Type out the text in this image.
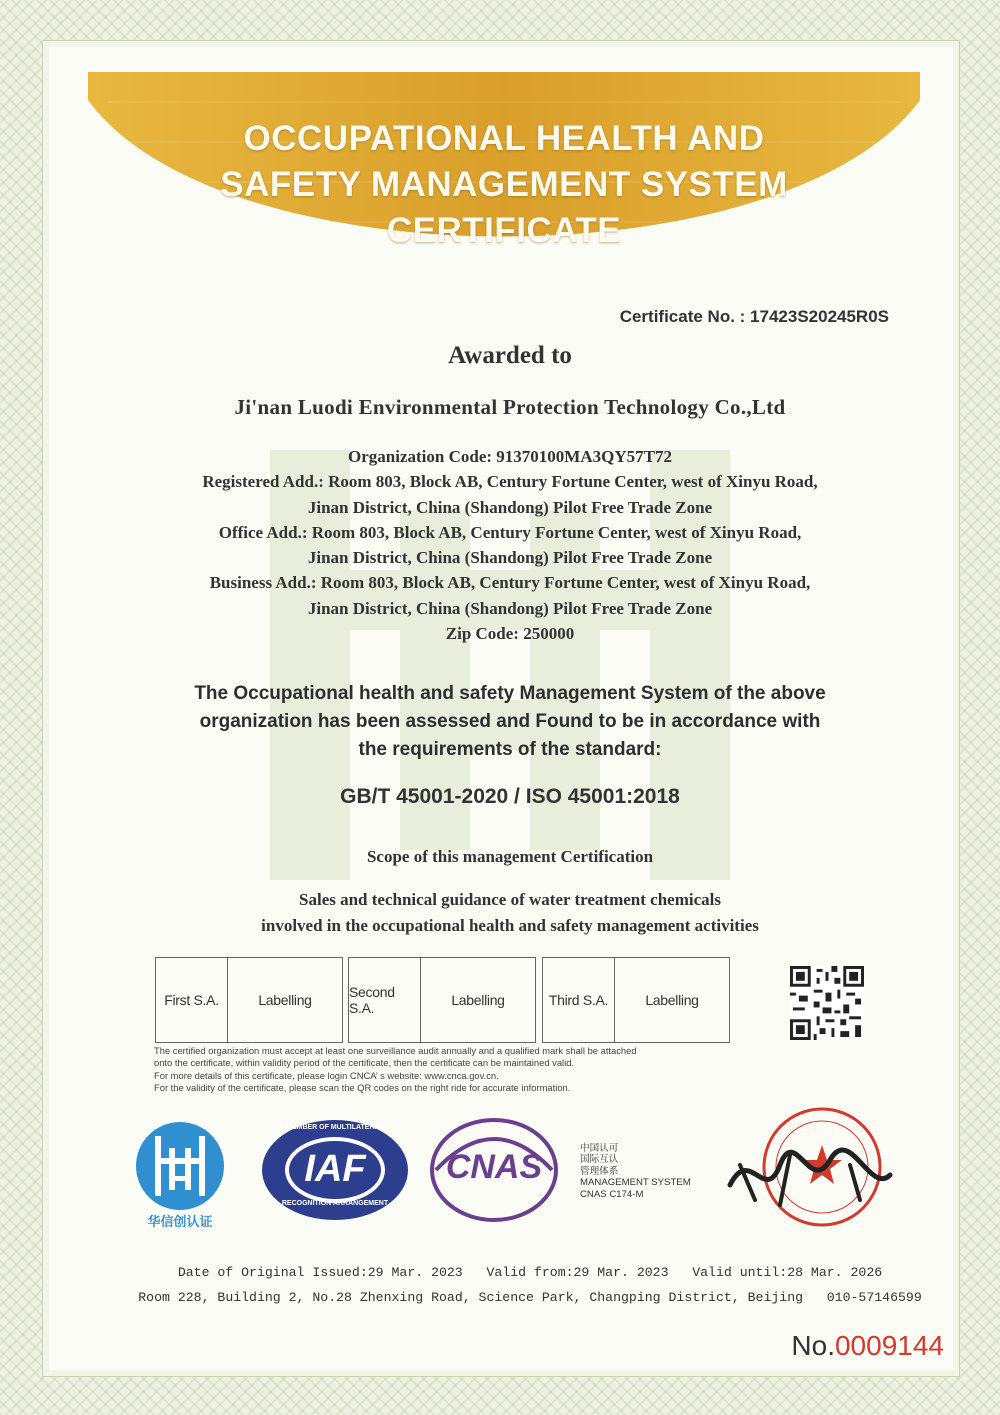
OCCUPATIONAL HEALTH AND
SAFETY MANAGEMENT SYSTEM
CERTIFICATE
Certificate No. : 17423S20245R0S
Awarded to
Ji'nan Luodi Environmental Protection Technology Co.,Ltd
Organization Code: 91370100MA3QY57T72
Registered Add.: Room 803, Block AB, Century Fortune Center, west of Xinyu Road,
Jinan District, China (Shandong) Pilot Free Trade Zone
Office Add.: Room 803, Block AB, Century Fortune Center, west of Xinyu Road,
Jinan District, China (Shandong) Pilot Free Trade Zone
Business Add.: Room 803, Block AB, Century Fortune Center, west of Xinyu Road,
Jinan District, China (Shandong) Pilot Free Trade Zone
Zip Code: 250000
The Occupational health and safety Management System of the above
organization has been assessed and Found to be in accordance with
the requirements of the standard:
GB/T 45001-2020 / ISO 45001:2018
Scope of this management Certification
Sales and technical guidance of water treatment chemicals
involved in the occupational health and safety management activities
First S.A.	Labelling	Second S.A.	Labelling	Third S.A.	Labelling
The certified organization must accept at least one surveillance audit annually and a qualified mark shall be attached
onto the certificate, within validity period of the certificate, then the certificate can be maintained valid.
For more details of this certificate, please login CNCA’ s website: www.cnca.gov.cn.
For the validity of the certificate, please scan the QR codes on the right ride for accurate information.
华信创认证
IAF
MEMBER OF MULTILATERAL
RECOGNITION ARRANGEMENT
CNAS	中国认可
国际互认
管理体系
MANAGEMENT SYSTEM
CNAS C174-M
Date of Original Issued:29 Mar. 2023   Valid from:29 Mar. 2023   Valid until:28 Mar. 2026
Room 228, Building 2, No.28 Zhenxing Road, Science Park, Changping District, Beijing   010-57146599
No.0009144
